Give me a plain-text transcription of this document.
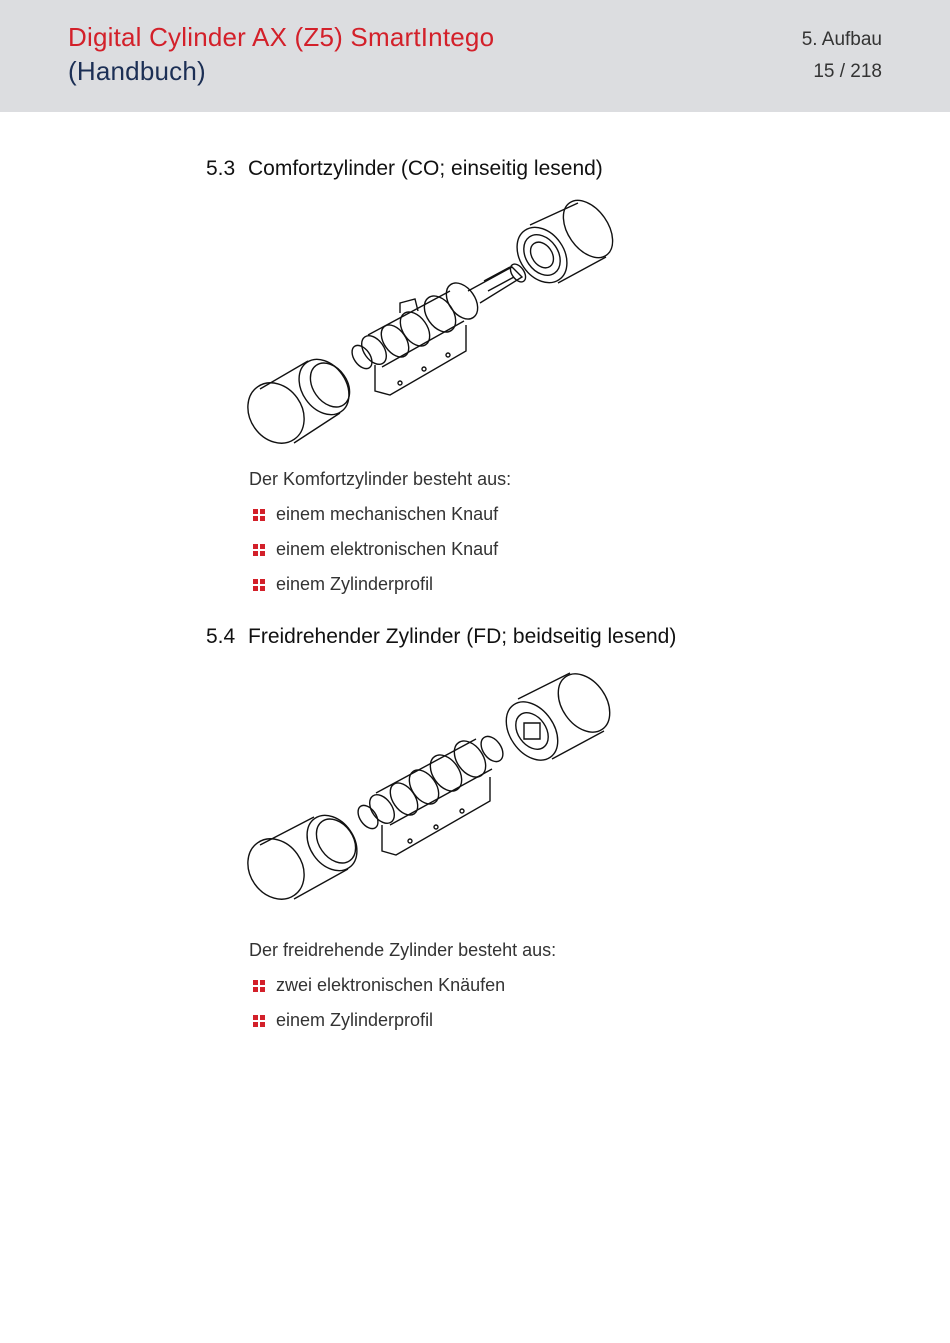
Digital Cylinder AX (Z5) SmartIntego
(Handbuch)
5. Aufbau
15 / 218
5.3 Comfortzylinder (CO; einseitig lesend)
Der Komfortzylinder besteht aus:
einem mechanischen Knauf
einem elektronischen Knauf
einem Zylinderprofil
5.4 Freidrehender Zylinder (FD; beidseitig lesend)
Der freidrehende Zylinder besteht aus:
zwei elektronischen Knäufen
einem Zylinderprofil
